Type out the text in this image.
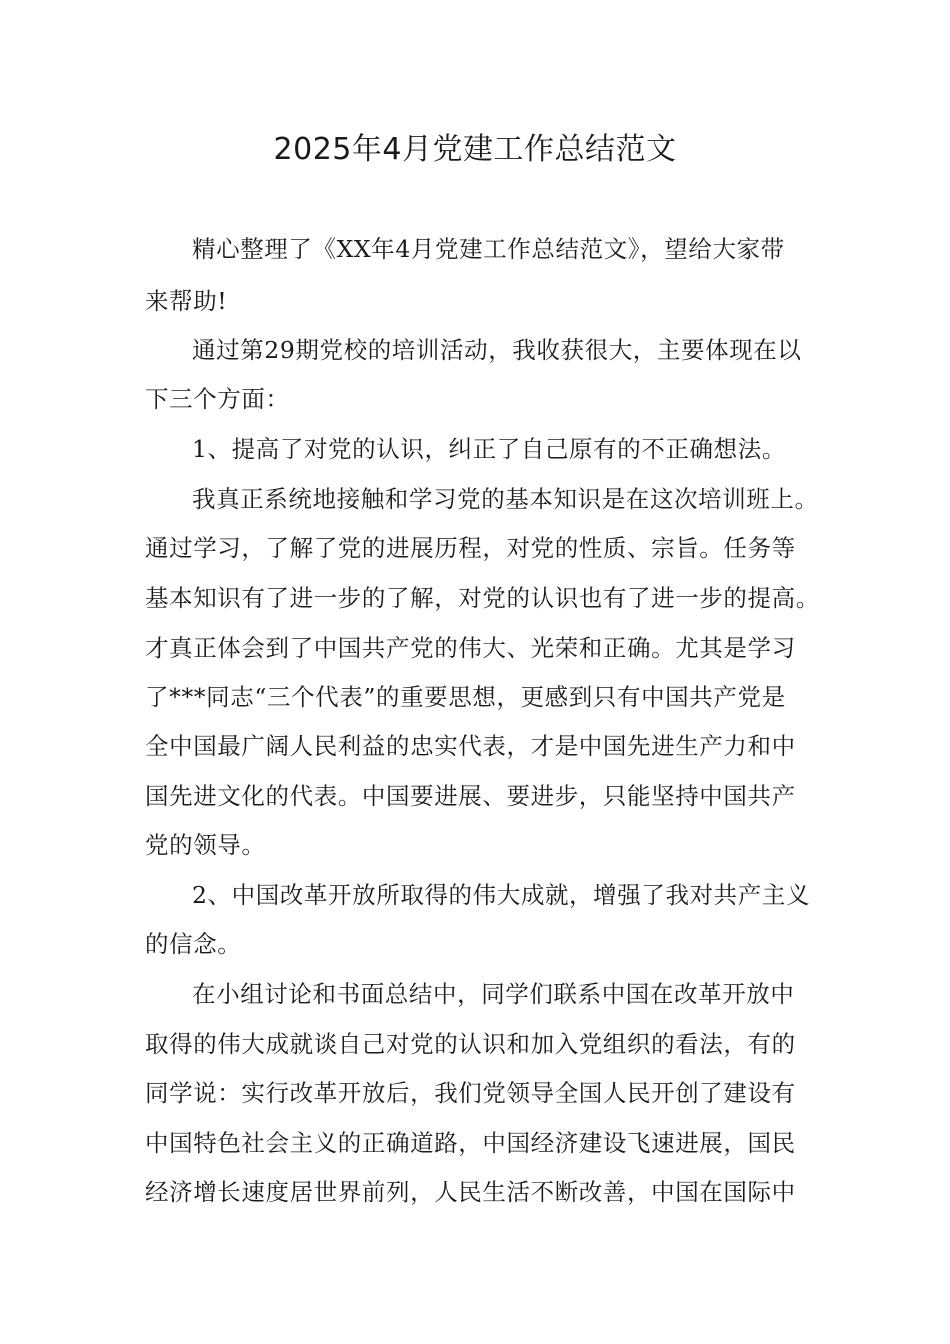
2025年4月党建工作总结范文
精心整理了《XX年4月党建工作总结范文》，望给大家带
来帮助!
通过第29期党校的培训活动，我收获很大，主要体现在以
下三个方面：
1、提高了对党的认识，纠正了自己原有的不正确想法。
我真正系统地接触和学习党的基本知识是在这次培训班上。
通过学习，了解了党的进展历程，对党的性质、宗旨。任务等
基本知识有了进一步的了解，对党的认识也有了进一步的提高。
才真正体会到了中国共产党的伟大、光荣和正确。尤其是学习
了***同志“三个代表”的重要思想，更感到只有中国共产党是
全中国最广阔人民利益的忠实代表，才是中国先进生产力和中
国先进文化的代表。中国要进展、要进步，只能坚持中国共产
党的领导。
2、中国改革开放所取得的伟大成就，增强了我对共产主义
的信念。
在小组讨论和书面总结中，同学们联系中国在改革开放中
取得的伟大成就谈自己对党的认识和加入党组织的看法，有的
同学说：实行改革开放后，我们党领导全国人民开创了建设有
中国特色社会主义的正确道路，中国经济建设飞速进展，国民
经济增长速度居世界前列，人民生活不断改善，中国在国际中
